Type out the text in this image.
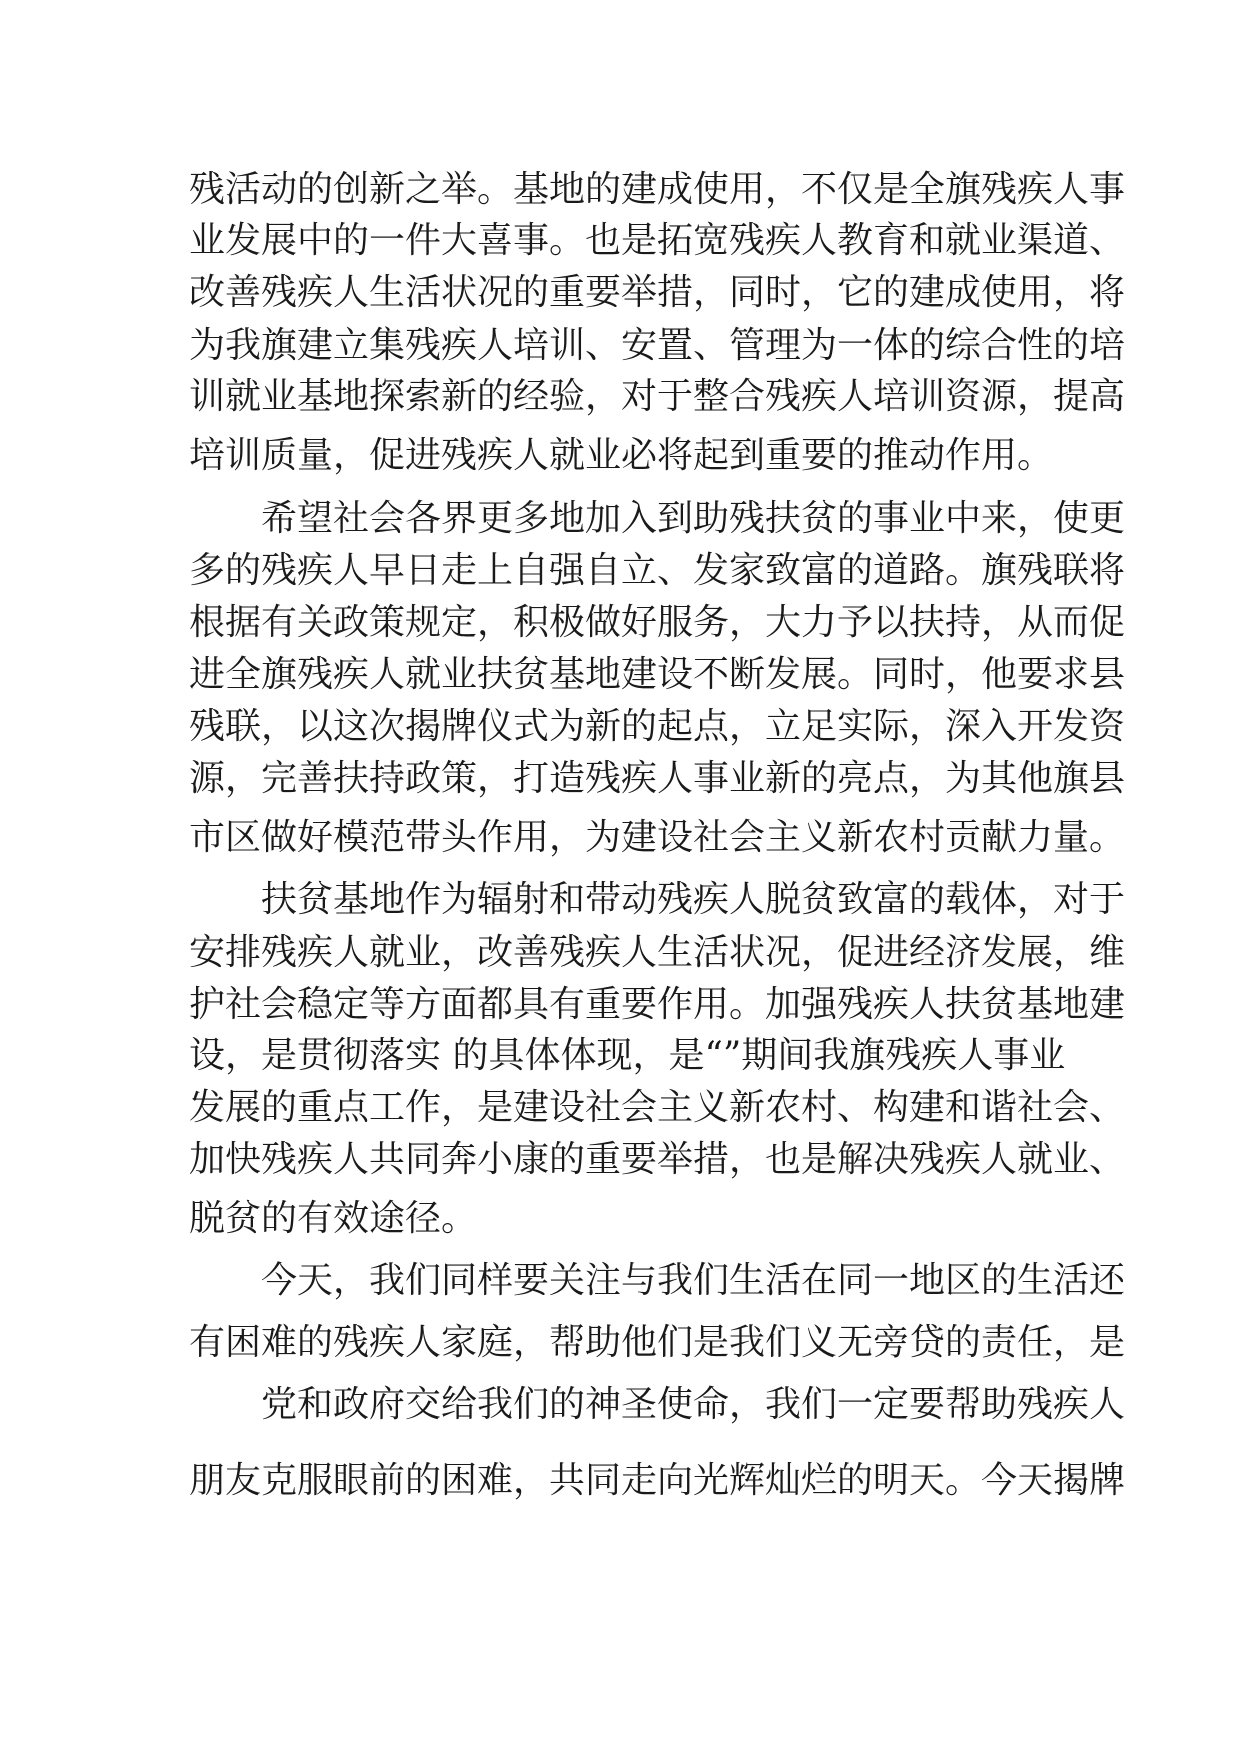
残活动的创新之举。基地的建成使用，不仅是全旗残疾人事
业发展中的一件大喜事。也是拓宽残疾人教育和就业渠道、
改善残疾人生活状况的重要举措，同时，它的建成使用，将
为我旗建立集残疾人培训、安置、管理为一体的综合性的培
训就业基地探索新的经验，对于整合残疾人培训资源，提高
培训质量，促进残疾人就业必将起到重要的推动作用。
希望社会各界更多地加入到助残扶贫的事业中来，使更
多的残疾人早日走上自强自立、发家致富的道路。旗残联将
根据有关政策规定，积极做好服务，大力予以扶持，从而促
进全旗残疾人就业扶贫基地建设不断发展。同时，他要求县
残联，以这次揭牌仪式为新的起点，立足实际，深入开发资
源，完善扶持政策，打造残疾人事业新的亮点，为其他旗县
市区做好模范带头作用，为建设社会主义新农村贡献力量。
扶贫基地作为辐射和带动残疾人脱贫致富的载体，对于
安排残疾人就业，改善残疾人生活状况，促进经济发展，维
护社会稳定等方面都具有重要作用。加强残疾人扶贫基地建
设，是贯彻落实 的具体体现，是“”期间我旗残疾人事业
发展的重点工作，是建设社会主义新农村、构建和谐社会、
加快残疾人共同奔小康的重要举措，也是解决残疾人就业、
脱贫的有效途径。
今天，我们同样要关注与我们生活在同一地区的生活还
有困难的残疾人家庭，帮助他们是我们义无旁贷的责任，是
党和政府交给我们的神圣使命，我们一定要帮助残疾人
朋友克服眼前的困难，共同走向光辉灿烂的明天。今天揭牌
